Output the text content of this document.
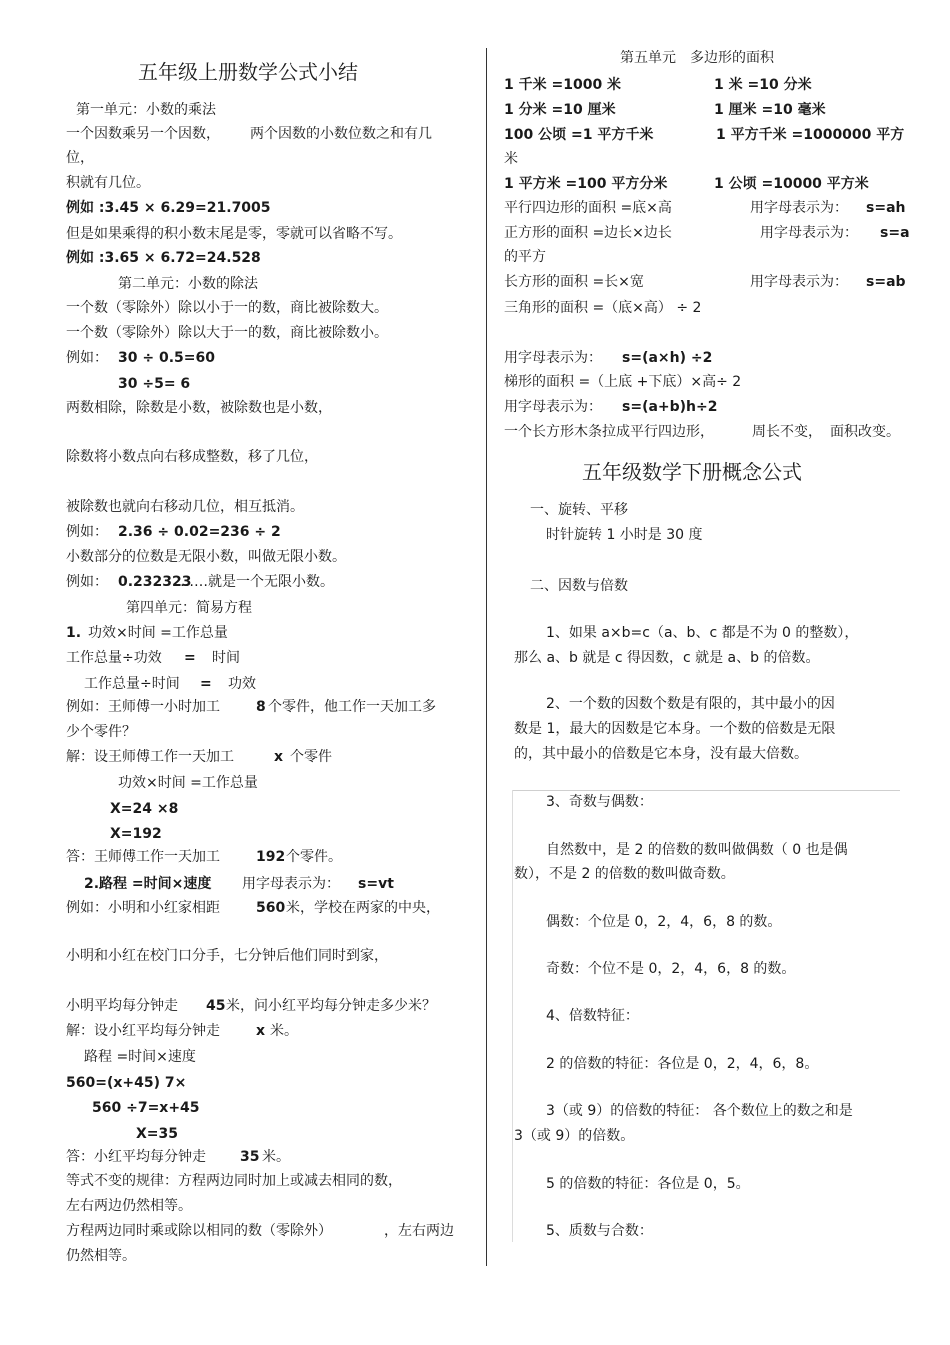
五年级上册数学公式小结
第一单元：小数的乘法
一个因数乘另一个因数， 两个因数的小数位数之和有几
位，
积就有几位。
例如 :3.45 × 6.29=21.7005
但是如果乘得的积小数末尾是零，零就可以省略不写。
例如 :3.65 × 6.72=24.528
第二单元：小数的除法
一个数（零除外）除以小于一的数，商比被除数大。
一个数（零除外）除以大于一的数，商比被除数小。
例如： 30 ÷ 0.5=60
30 ÷5= 6
两数相除，除数是小数，被除数也是小数，
除数将小数点向右移成整数，移了几位，
被除数也就向右移动几位，相互抵消。
例如： 2.36 ÷ 0.02=236 ÷ 2
小数部分的位数是无限小数，叫做无限小数。
例如： 0.232323
……就是一个无限小数。
第四单元：简易方程
1. 功效×时间 =工作总量
工作总量÷功效 = 时间
工作总量÷时间 = 功效
例如：王师傅一小时加工	8 个零件，他工作一天加工多
少个零件？
解：设王师傅工作一天加工	x 个零件
功效×时间 =工作总量
X=24 ×8
X=192
答：王师傅工作一天加工	192 个零件。
2.路程 =时间×速度 用字母表示为： s=vt
例如：小明和小红家相距	560 米，学校在两家的中央，
小明和小红在校门口分手，七分钟后他们同时到家，
小明平均每分钟走 45 米，问小红平均每分钟走多少米？
解：设小红平均每分钟走	x 米。
路程 =时间×速度
560=(x+45) 7×
560 ÷7=x+45
X=35
答：小红平均每分钟走 35 米。
等式不变的规律：方程两边同时加上或减去相同的数，
左右两边仍然相等。
方程两边同时乘或除以相同的数（零除外）	，左右两边
仍然相等。
第五单元　多边形的面积
1 千米 =1000 米	1 米 =10 分米
1 分米 =10 厘米	1 厘米 =10 毫米
100 公顷 =1 平方千米	1 平方千米 =1000000 平方
米
1 平方米 =100 平方分米	1 公顷 =10000 平方米
平行四边形的面积 =底×高	用字母表示为： s=ah
正方形的面积 =边长×边长	用字母表示为： s=a
的平方
长方形的面积 =长×宽	用字母表示为： s=ab
三角形的面积 =（底×高） ÷ 2
用字母表示为： s=(a×h) ÷2
梯形的面积 =（上底 +下底）×高÷ 2
用字母表示为： s=(a+b)h÷2
一个长方形木条拉成平行四边形，	周长不变， 面积改变。
五年级数学下册概念公式
一、旋转、平移
时针旋转 1 小时是 30 度
二、因数与倍数
1、如果 a×b=c（a、b、c 都是不为 0 的整数），
那么 a、b 就是 c 得因数，c 就是 a、b 的倍数。
2、一个数的因数个数是有限的，其中最小的因
数是 1，最大的因数是它本身。一个数的倍数是无限
的，其中最小的倍数是它本身，没有最大倍数。
3、奇数与偶数：
自然数中，是 2 的倍数的数叫做偶数（ 0 也是偶
数），不是 2 的倍数的数叫做奇数。
偶数：个位是 0，2，4，6，8 的数。
奇数：个位不是 0，2，4，6，8 的数。
4、倍数特征：
2 的倍数的特征：各位是 0，2，4，6，8。
3（或 9）的倍数的特征： 各个数位上的数之和是
3（或 9）的倍数。
5 的倍数的特征：各位是 0，5。
5、质数与合数：
